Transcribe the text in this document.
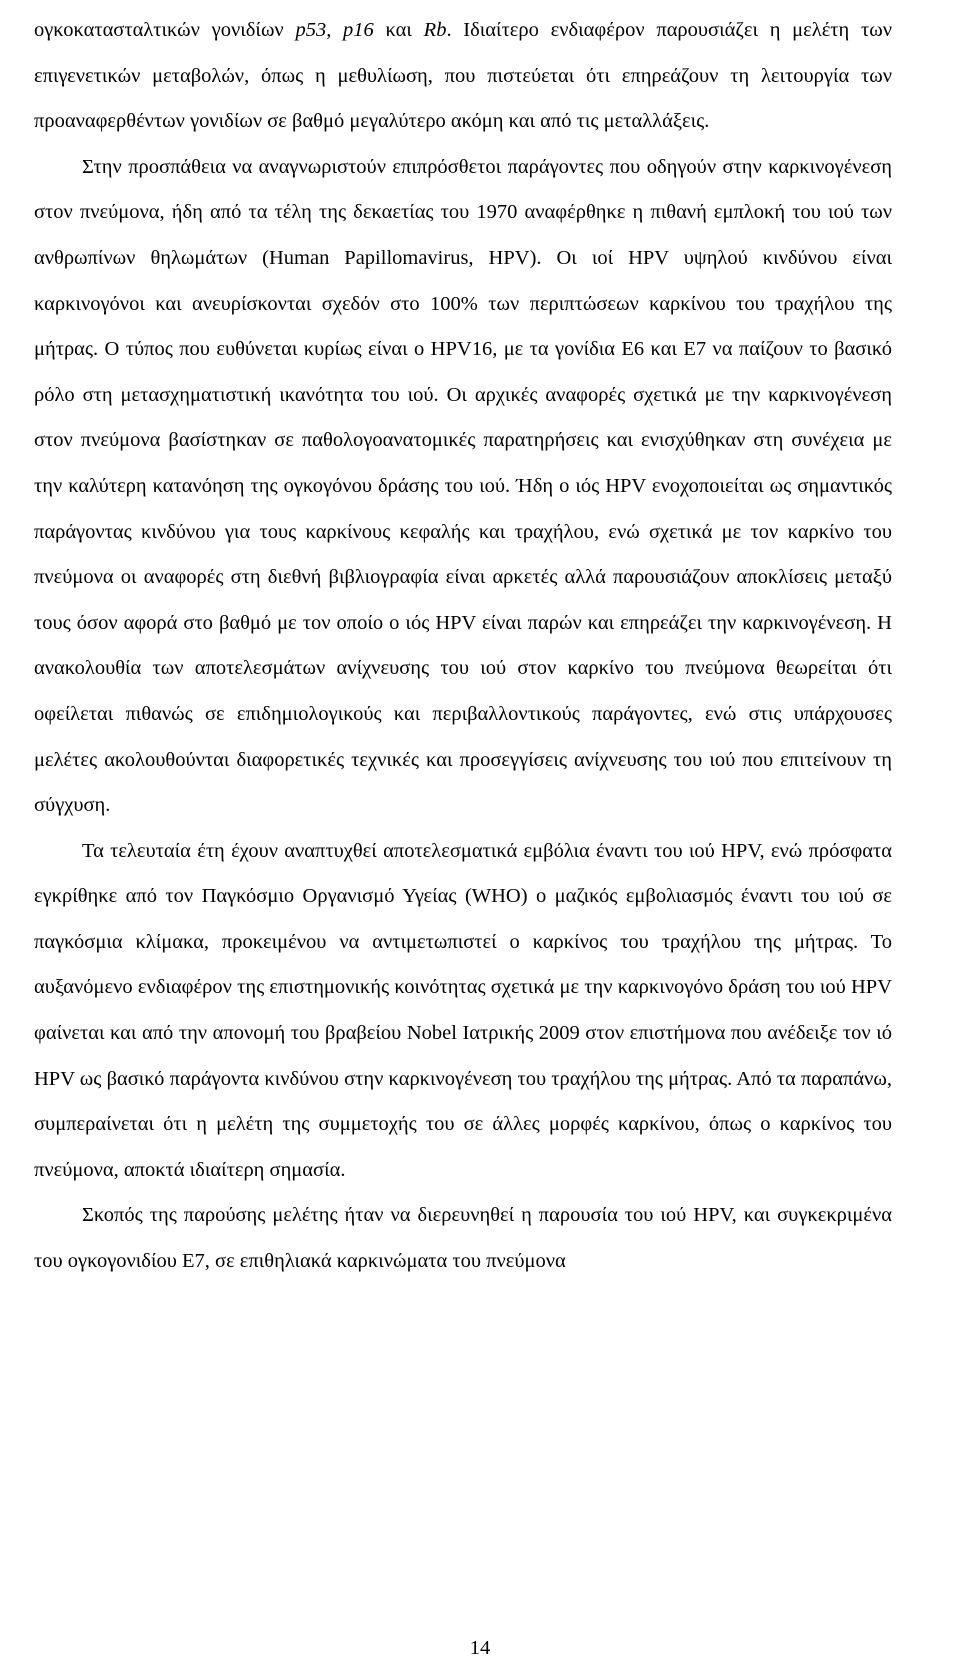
ογκοκατασταλτικών γονιδίων p53, p16 και Rb. Ιδιαίτερο ενδιαφέρον παρουσιάζει η μελέτη των επιγενετικών μεταβολών, όπως η μεθυλίωση, που πιστεύεται ότι επηρεάζουν τη λειτουργία των προαναφερθέντων γονιδίων σε βαθμό μεγαλύτερο ακόμη και από τις μεταλλάξεις.

Στην προσπάθεια να αναγνωριστούν επιπρόσθετοι παράγοντες που οδηγούν στην καρκινογένεση στον πνεύμονα, ήδη από τα τέλη της δεκαετίας του 1970 αναφέρθηκε η πιθανή εμπλοκή του ιού των ανθρωπίνων θηλωμάτων (Human Papillomavirus, HPV). Οι ιοί HPV υψηλού κινδύνου είναι καρκινογόνοι και ανευρίσκονται σχεδόν στο 100% των περιπτώσεων καρκίνου του τραχήλου της μήτρας. Ο τύπος που ευθύνεται κυρίως είναι ο HPV16, με τα γονίδια E6 και E7 να παίζουν το βασικό ρόλο στη μετασχηματιστική ικανότητα του ιού. Οι αρχικές αναφορές σχετικά με την καρκινογένεση στον πνεύμονα βασίστηκαν σε παθολογοανατομικές παρατηρήσεις και ενισχύθηκαν στη συνέχεια με την καλύτερη κατανόηση της ογκογόνου δράσης του ιού. Ήδη ο ιός HPV ενοχοποιείται ως σημαντικός παράγοντας κινδύνου για τους καρκίνους κεφαλής και τραχήλου, ενώ σχετικά με τον καρκίνο του πνεύμονα οι αναφορές στη διεθνή βιβλιογραφία είναι αρκετές αλλά παρουσιάζουν αποκλίσεις μεταξύ τους όσον αφορά στο βαθμό με τον οποίο ο ιός HPV είναι παρών και επηρεάζει την καρκινογένεση. Η ανακολουθία των αποτελεσμάτων ανίχνευσης του ιού στον καρκίνο του πνεύμονα θεωρείται ότι οφείλεται πιθανώς σε επιδημιολογικούς και περιβαλλοντικούς παράγοντες, ενώ στις υπάρχουσες μελέτες ακολουθούνται διαφορετικές τεχνικές και προσεγγίσεις ανίχνευσης του ιού που επιτείνουν τη σύγχυση.

Τα τελευταία έτη έχουν αναπτυχθεί αποτελεσματικά εμβόλια έναντι του ιού HPV, ενώ πρόσφατα εγκρίθηκε από τον Παγκόσμιο Οργανισμό Υγείας (WHO) ο μαζικός εμβολιασμός έναντι του ιού σε παγκόσμια κλίμακα, προκειμένου να αντιμετωπιστεί ο καρκίνος του τραχήλου της μήτρας. Το αυξανόμενο ενδιαφέρον της επιστημονικής κοινότητας σχετικά με την καρκινογόνο δράση του ιού HPV φαίνεται και από την απονομή του βραβείου Nobel Ιατρικής 2009 στον επιστήμονα που ανέδειξε τον ιό HPV ως βασικό παράγοντα κινδύνου στην καρκινογένεση του τραχήλου της μήτρας. Από τα παραπάνω, συμπεραίνεται ότι η μελέτη της συμμετοχής του σε άλλες μορφές καρκίνου, όπως ο καρκίνος του πνεύμονα, αποκτά ιδιαίτερη σημασία.

Σκοπός της παρούσης μελέτης ήταν να διερευνηθεί η παρουσία του ιού HPV, και συγκεκριμένα του ογκογονιδίου E7, σε επιθηλιακά καρκινώματα του πνεύμονα

14
